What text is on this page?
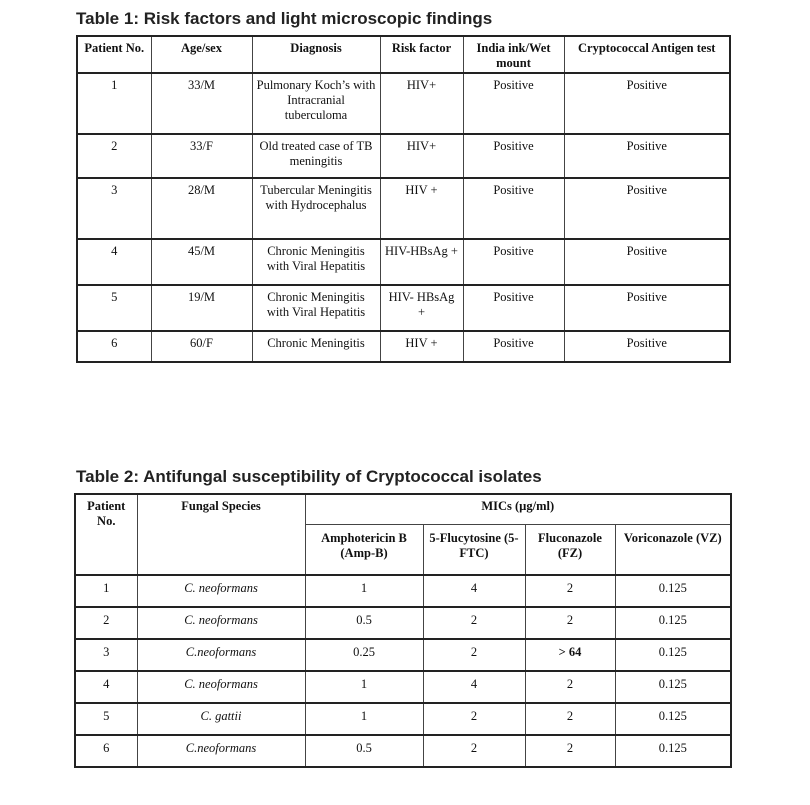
Table 1: Risk factors and light microscopic findings
Patient No.	Age/sex	Diagnosis	Risk factor	India ink/Wet mount	Cryptococcal Antigen test
1	33/M	Pulmonary Koch’s with Intracranial tuberculoma	HIV+	Positive	Positive
2	33/F	Old treated case of TB meningitis	HIV+	Positive	Positive
3	28/M	Tubercular Meningitis with Hydrocephalus	HIV +	Positive	Positive
4	45/M	Chronic Meningitis with Viral Hepatitis	HIV-HBsAg +	Positive	Positive
5	19/M	Chronic Meningitis with Viral Hepatitis	HIV- HBsAg +	Positive	Positive
6	60/F	Chronic Meningitis	HIV +	Positive	Positive
Table 2: Antifungal susceptibility of Cryptococcal isolates
Patient No.	Fungal Species	MICs (µg/ml)			
		Amphotericin B (Amp-B)	5-Flucytosine (5-FTC)	Fluconazole (FZ)	Voriconazole (VZ)
1	C. neoformans	1	4	2	0.125
2	C. neoformans	0.5	2	2	0.125
3	C.neoformans	0.25	2	> 64	0.125
4	C. neoformans	1	4	2	0.125
5	C. gattii	1	2	2	0.125
6	C.neoformans	0.5	2	2	0.125
